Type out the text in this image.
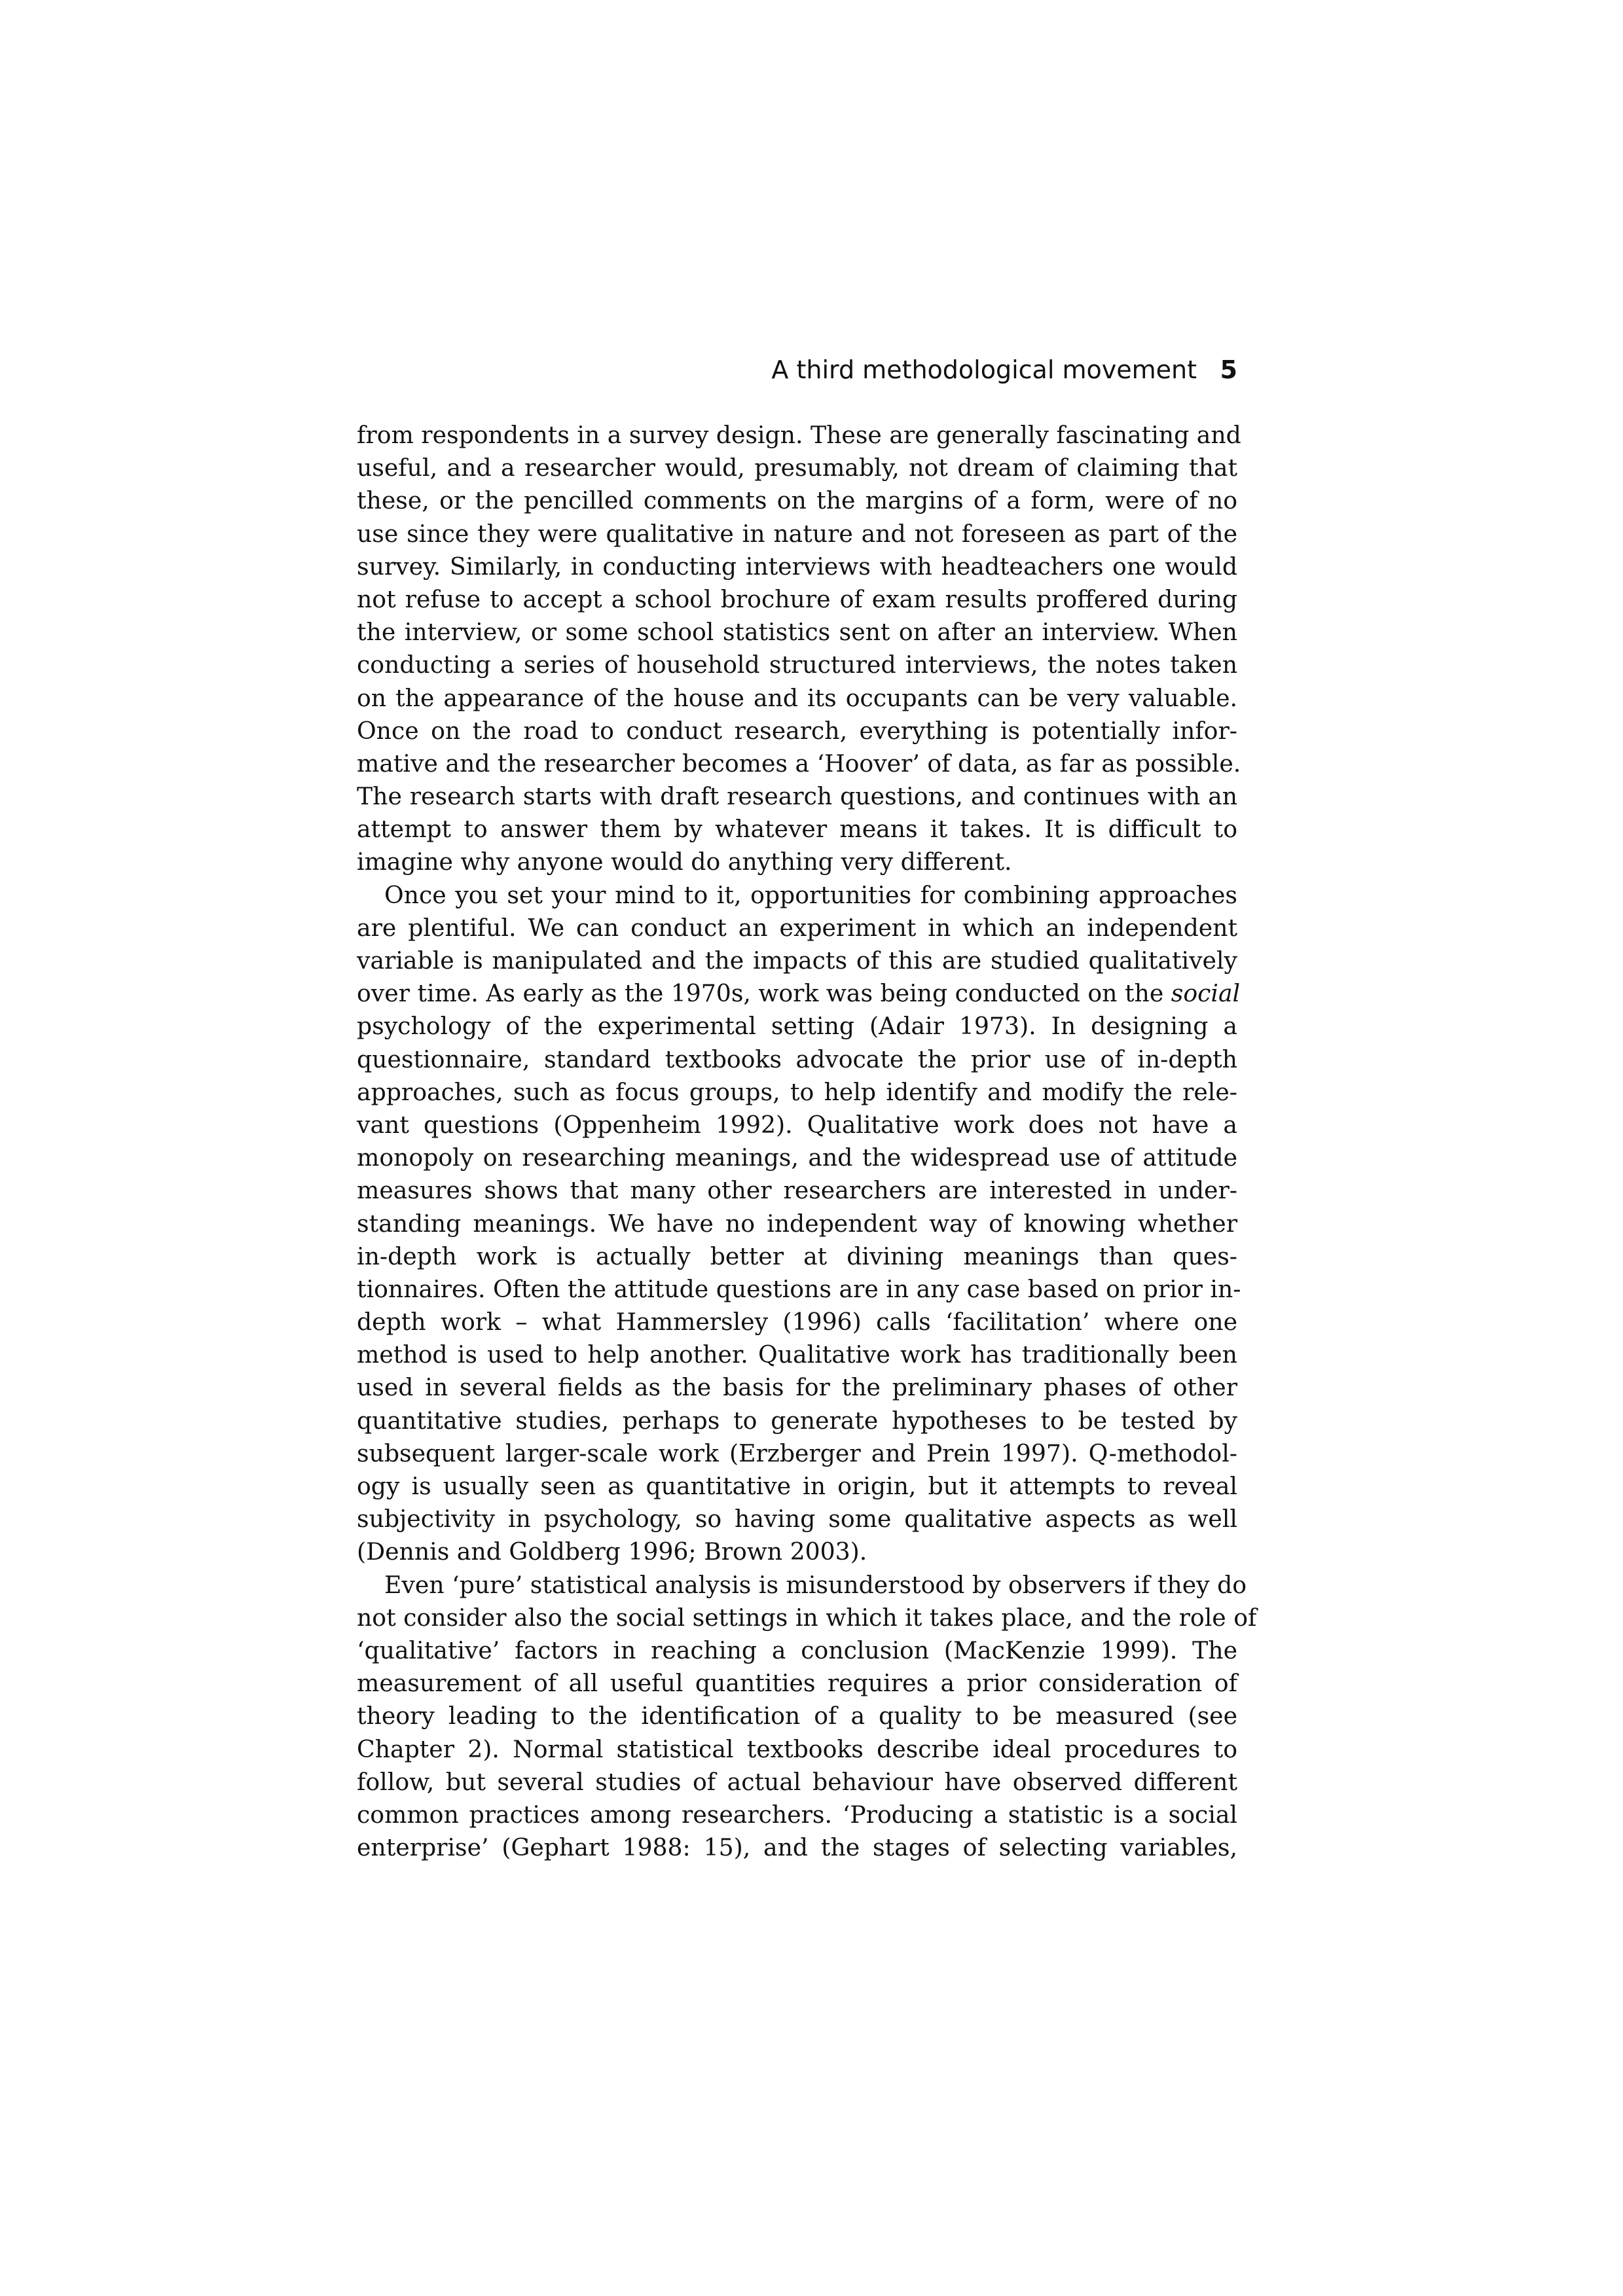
A third methodological movement 5
from respondents in a survey design. These are generally fascinating and
useful, and a researcher would, presumably, not dream of claiming that
these, or the pencilled comments on the margins of a form, were of no
use since they were qualitative in nature and not foreseen as part of the
survey. Similarly, in conducting interviews with headteachers one would
not refuse to accept a school brochure of exam results proffered during
the interview, or some school statistics sent on after an interview. When
conducting a series of household structured interviews, the notes taken
on the appearance of the house and its occupants can be very valuable.
Once on the road to conduct research, everything is potentially infor-
mative and the researcher becomes a ‘Hoover’ of data, as far as possible.
The research starts with draft research questions, and continues with an
attempt to answer them by whatever means it takes. It is difficult to
imagine why anyone would do anything very different.
Once you set your mind to it, opportunities for combining approaches
are plentiful. We can conduct an experiment in which an independent
variable is manipulated and the impacts of this are studied qualitatively
over time. As early as the 1970s, work was being conducted on the social
psychology of the experimental setting (Adair 1973). In designing a
questionnaire, standard textbooks advocate the prior use of in-depth
approaches, such as focus groups, to help identify and modify the rele-
vant questions (Oppenheim 1992). Qualitative work does not have a
monopoly on researching meanings, and the widespread use of attitude
measures shows that many other researchers are interested in under-
standing meanings. We have no independent way of knowing whether
in-depth work is actually better at divining meanings than ques-
tionnaires. Often the attitude questions are in any case based on prior in-
depth work – what Hammersley (1996) calls ‘facilitation’ where one
method is used to help another. Qualitative work has traditionally been
used in several fields as the basis for the preliminary phases of other
quantitative studies, perhaps to generate hypotheses to be tested by
subsequent larger-scale work (Erzberger and Prein 1997). Q-methodol-
ogy is usually seen as quantitative in origin, but it attempts to reveal
subjectivity in psychology, so having some qualitative aspects as well
(Dennis and Goldberg 1996; Brown 2003).
Even ‘pure’ statistical analysis is misunderstood by observers if they do
not consider also the social settings in which it takes place, and the role of
‘qualitative’ factors in reaching a conclusion (MacKenzie 1999). The
measurement of all useful quantities requires a prior consideration of
theory leading to the identification of a quality to be measured (see
Chapter 2). Normal statistical textbooks describe ideal procedures to
follow, but several studies of actual behaviour have observed different
common practices among researchers. ‘Producing a statistic is a social
enterprise’ (Gephart 1988: 15), and the stages of selecting variables,
